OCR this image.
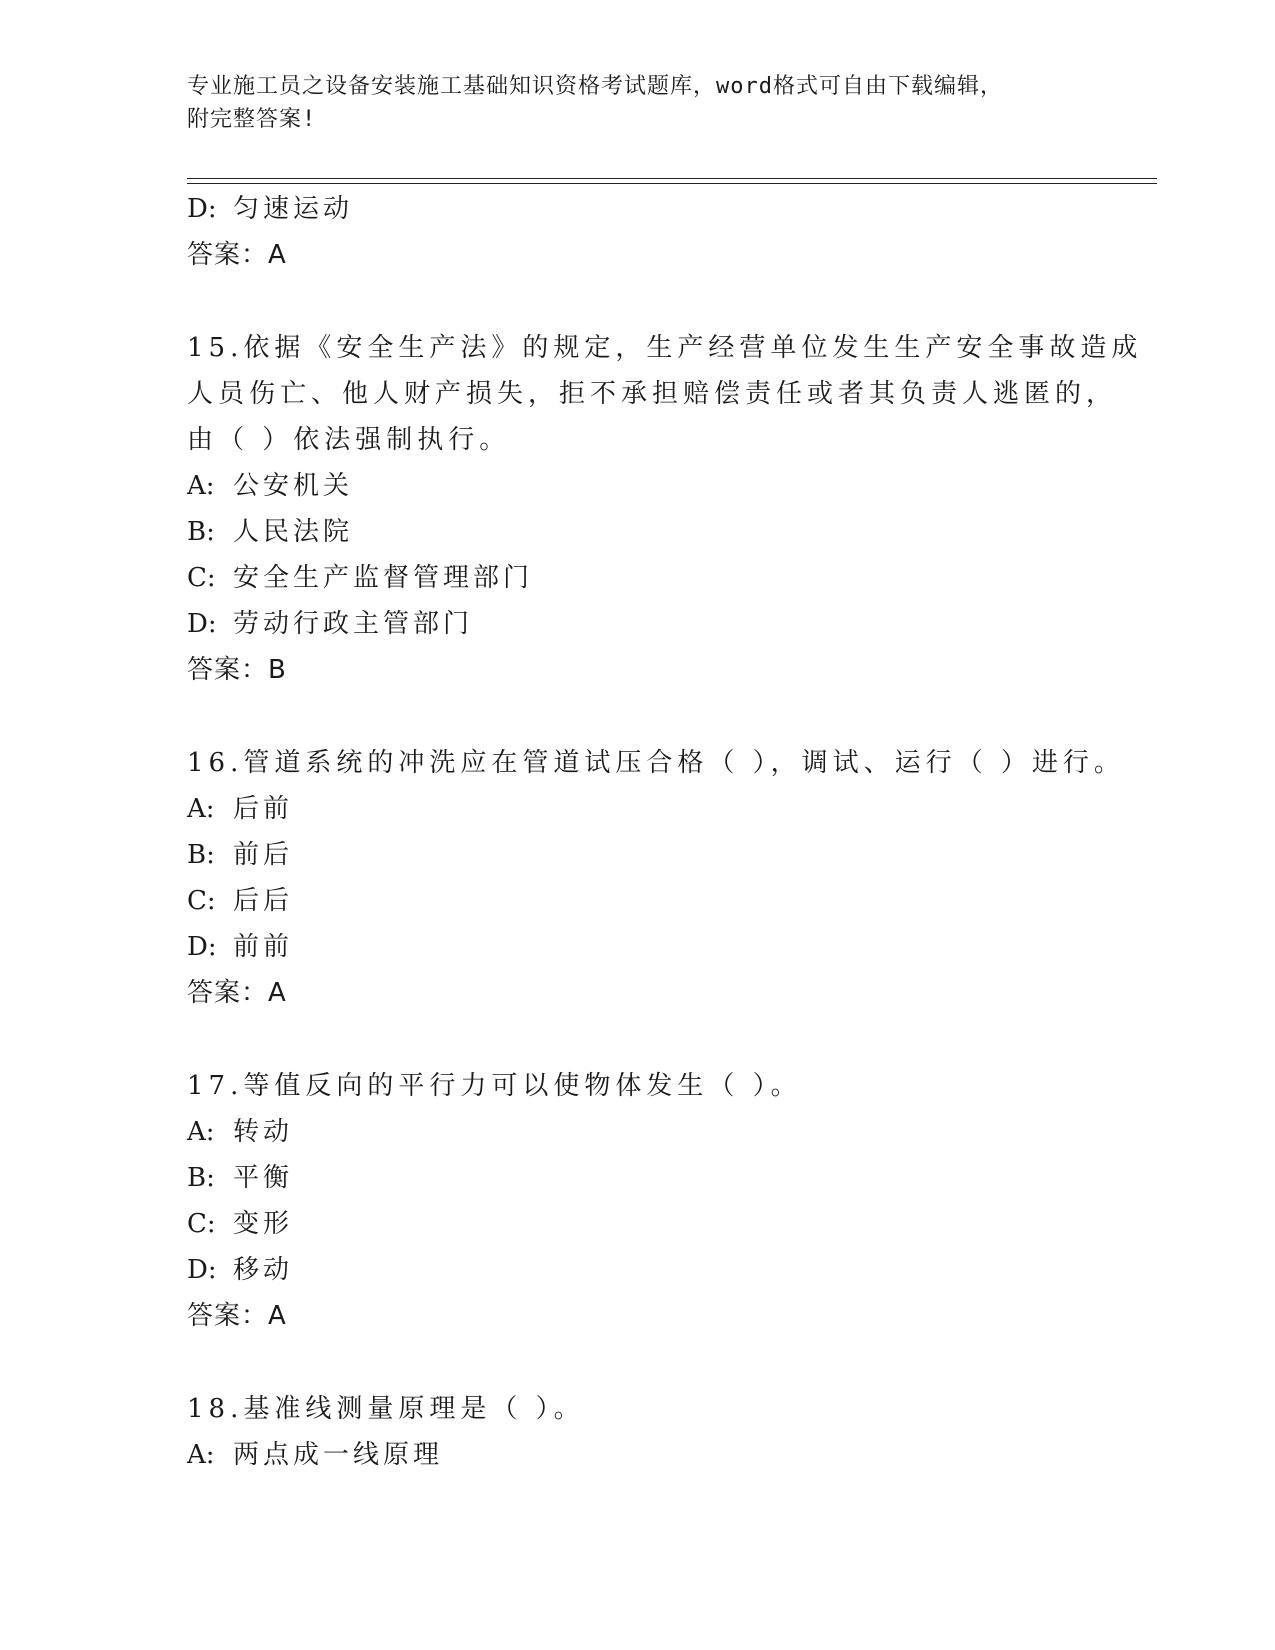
专业施工员之设备安装施工基础知识资格考试题库，word格式可自由下载编辑，
附完整答案!
D: 匀速运动
答案：A
15.依据《安全生产法》的规定，生产经营单位发生生产安全事故造成
人员伤亡、他人财产损失，拒不承担赔偿责任或者其负责人逃匿的，
由（ ）依法强制执行。
A: 公安机关
B: 人民法院
C: 安全生产监督管理部门
D: 劳动行政主管部门
答案：B
16.管道系统的冲洗应在管道试压合格（ ），调试、运行（ ）进行。
A: 后前
B: 前后
C: 后后
D: 前前
答案：A
17.等值反向的平行力可以使物体发生（ ）。
A: 转动
B: 平衡
C: 变形
D: 移动
答案：A
18.基准线测量原理是（ ）。
A: 两点成一线原理
